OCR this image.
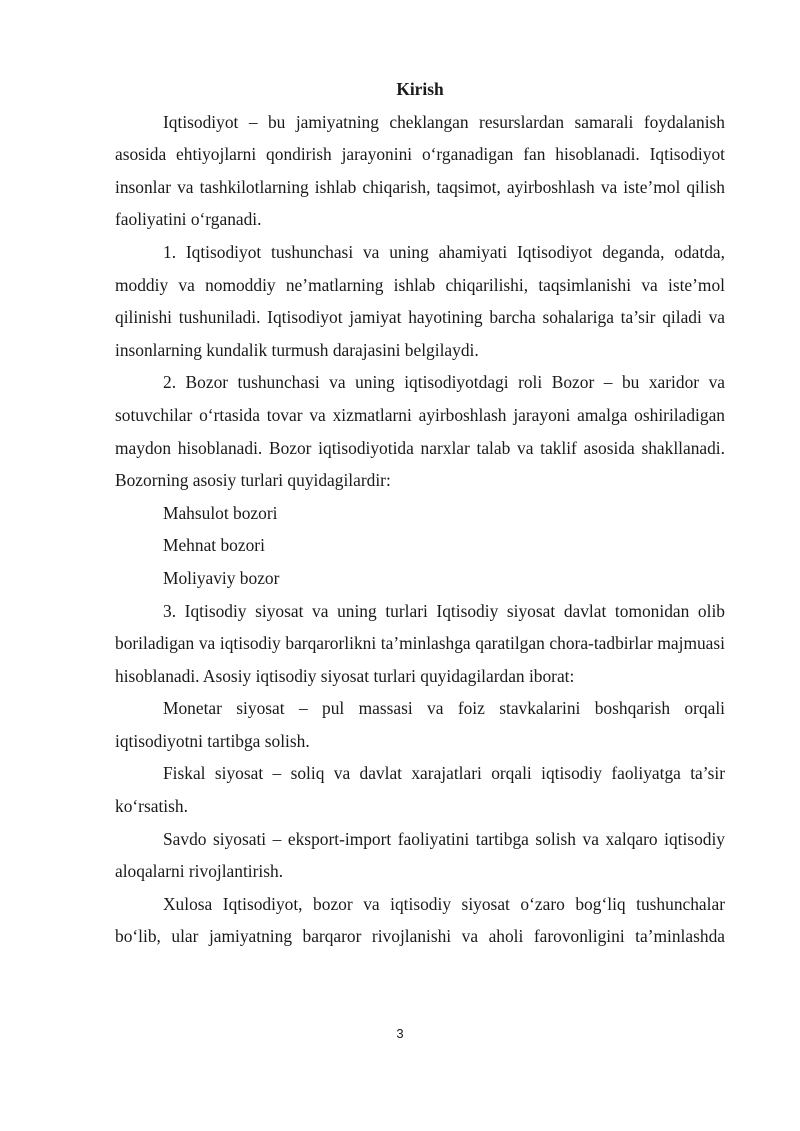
Kirish

Iqtisodiyot – bu jamiyatning cheklangan resurslardan samarali foydalanish asosida ehtiyojlarni qondirish jarayonini o‘rganadigan fan hisoblanadi. Iqtisodiyot insonlar va tashkilotlarning ishlab chiqarish, taqsimot, ayirboshlash va iste’mol qilish faoliyatini o‘rganadi.

1. Iqtisodiyot tushunchasi va uning ahamiyati Iqtisodiyot deganda, odatda, moddiy va nomoddiy ne’matlarning ishlab chiqarilishi, taqsimlanishi va iste’mol qilinishi tushuniladi. Iqtisodiyot jamiyat hayotining barcha sohalariga ta’sir qiladi va insonlarning kundalik turmush darajasini belgilaydi.

2. Bozor tushunchasi va uning iqtisodiyotdagi roli Bozor – bu xaridor va sotuvchilar o‘rtasida tovar va xizmatlarni ayirboshlash jarayoni amalga oshiriladigan maydon hisoblanadi. Bozor iqtisodiyotida narxlar talab va taklif asosida shakllanadi. Bozorning asosiy turlari quyidagilardir:

Mahsulot bozori

Mehnat bozori

Moliyaviy bozor

3. Iqtisodiy siyosat va uning turlari Iqtisodiy siyosat davlat tomonidan olib boriladigan va iqtisodiy barqarorlikni ta’minlashga qaratilgan chora-tadbirlar majmuasi hisoblanadi. Asosiy iqtisodiy siyosat turlari quyidagilardan iborat:

Monetar siyosat – pul massasi va foiz stavkalarini boshqarish orqali iqtisodiyotni tartibga solish.

Fiskal siyosat – soliq va davlat xarajatlari orqali iqtisodiy faoliyatga ta’sir ko‘rsatish.

Savdo siyosati – eksport-import faoliyatini tartibga solish va xalqaro iqtisodiy aloqalarni rivojlantirish.

Xulosa Iqtisodiyot, bozor va iqtisodiy siyosat o‘zaro bog‘liq tushunchalar bo‘lib, ular jamiyatning barqaror rivojlanishi va aholi farovonligini ta’minlashda

3
